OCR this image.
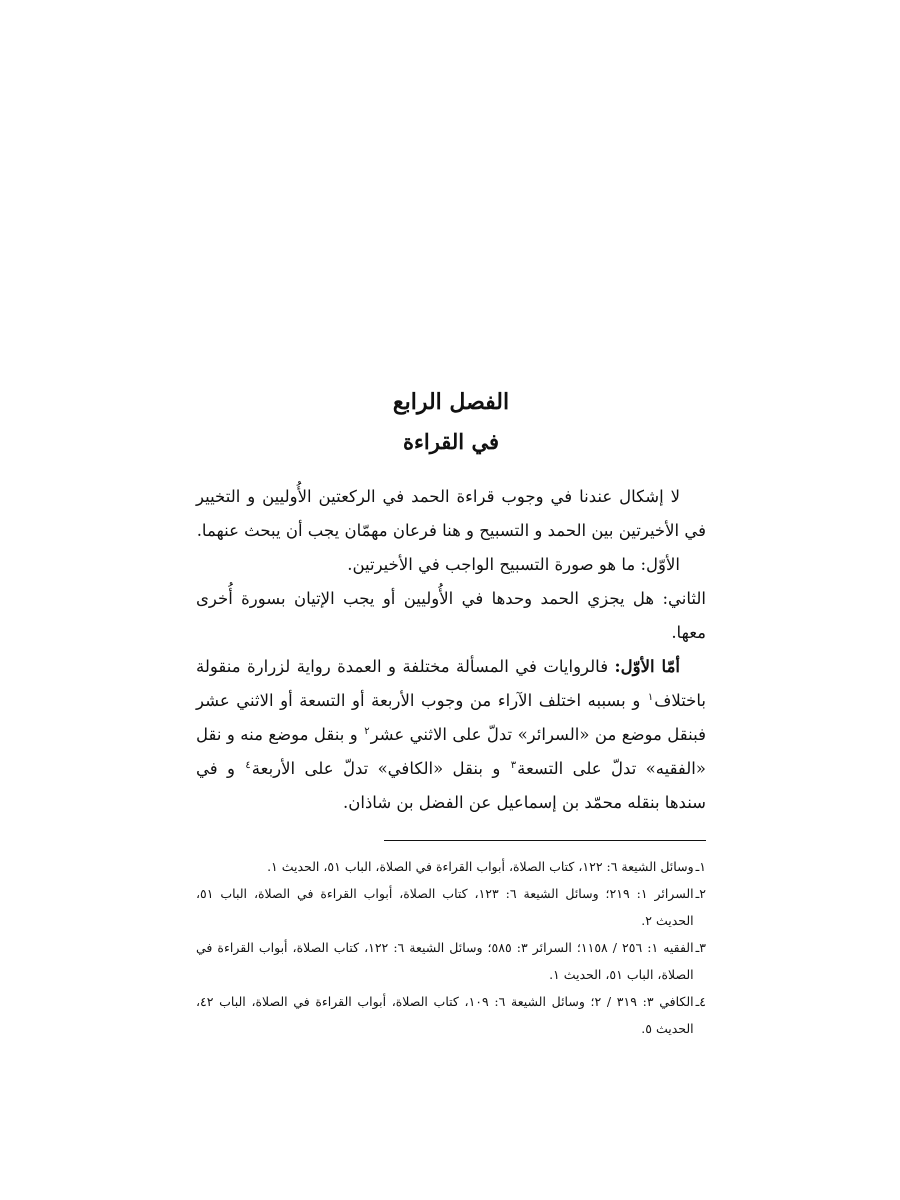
الفصل الرابع
في القراءة

لا إشكال عندنا في وجوب قراءة الحمد في الركعتين الأُوليين و التخيير في الأخيرتين بين الحمد و التسبيح و هنا فرعان مهمّان يجب أن يبحث عنهما.

الأوّل: ما هو صورة التسبيح الواجب في الأخيرتين.

الثاني: هل يجزي الحمد وحدها في الأُوليين أو يجب الإتيان بسورة أُخرى معها.

أمّا الأوّل: فالروايات في المسألة مختلفة و العمدة رواية لزرارة منقولة باختلاف$^١$ و بسببه اختلف الآراء من وجوب الأربعة أو التسعة أو الاثني عشر فبنقل موضع من «السرائر» تدلّ على الاثني عشر$^٢$ و بنقل موضع منه و نقل «الفقيه» تدلّ على التسعة$^٣$ و بنقل «الكافي» تدلّ على الأربعة$^٤$ و في سندها بنقله محمّد بن إسماعيل عن الفضل بن شاذان.

١ـ
وسائل الشيعة ٦: ١٢٢، كتاب الصلاة، أبواب القراءة في الصلاة، الباب ٥١، الحديث ١.
٢ـ
السرائر ١: ٢١٩؛ وسائل الشيعة ٦: ١٢٣، كتاب الصلاة، أبواب القراءة في الصلاة، الباب ٥١، الحديث ٢.
٣ـ
الفقيه ١: ٢٥٦ / ١١٥٨؛ السرائر ٣: ٥٨٥؛ وسائل الشيعة ٦: ١٢٢، كتاب الصلاة، أبواب القراءة في الصلاة، الباب ٥١، الحديث ١.
٤ـ
الكافي ٣: ٣١٩ / ٢؛ وسائل الشيعة ٦: ١٠٩، كتاب الصلاة، أبواب القراءة في الصلاة، الباب ٤٢، الحديث ٥.
